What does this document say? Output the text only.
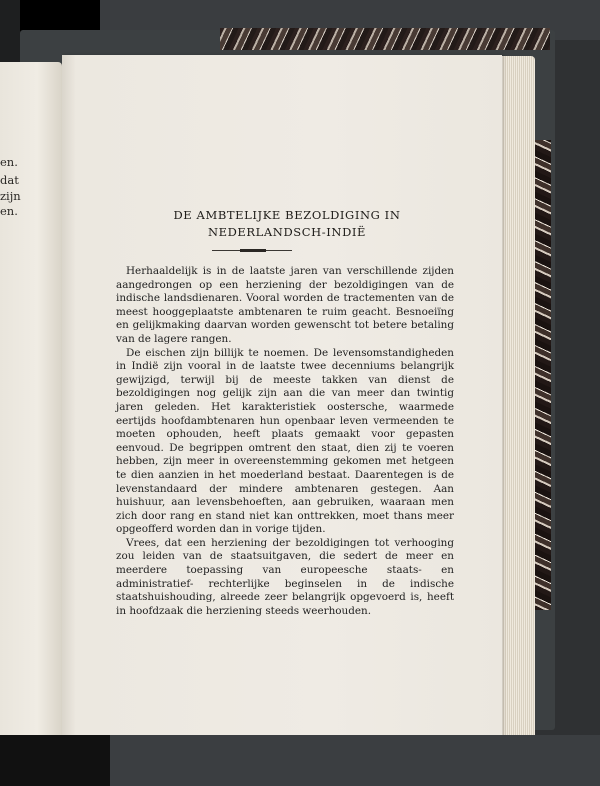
en.
dat
zijn
en.	DE AMBTELIJKE BEZOLDIGING IN
NEDERLANDSCH-INDIË

Herhaaldelijk is in de laatste jaren van verschillende zijden aangedrongen op een herziening der bezoldigingen van de indische landsdienaren. Vooral worden de tractementen van de meest hooggeplaatste ambtenaren te ruim geacht. Besnoeiïng en gelijkmaking daarvan worden gewenscht tot betere betaling van de lagere rangen.

De eischen zijn billijk te noemen. De levensomstandigheden in Indië zijn vooral in de laatste twee decenniums belangrijk gewijzigd, terwijl bij de meeste takken van dienst de bezoldigingen nog gelijk zijn aan die van meer dan twintig jaren geleden. Het karakteristiek oostersche, waarmede eertijds hoofdambtenaren hun openbaar leven vermeenden te moeten ophouden, heeft plaats gemaakt voor gepasten eenvoud. De begrippen omtrent den staat, dien zij te voeren hebben, zijn meer in overeenstemming gekomen met hetgeen te dien aanzien in het moederland bestaat. Daarentegen is de levenstandaard der mindere ambtenaren gestegen. Aan huishuur, aan levensbehoeften, aan gebruiken, waaraan men zich door rang en stand niet kan onttrekken, moet thans meer opgeofferd worden dan in vorige tijden.

Vrees, dat een herziening der bezoldigingen tot verhooging zou leiden van de staatsuitgaven, die sedert de meer en meerdere toepassing van europeesche staats- en administratief- rechterlijke beginselen in de indische staatshuishouding, alreede zeer belangrijk opgevoerd is, heeft in hoofdzaak die herziening steeds weerhouden.
